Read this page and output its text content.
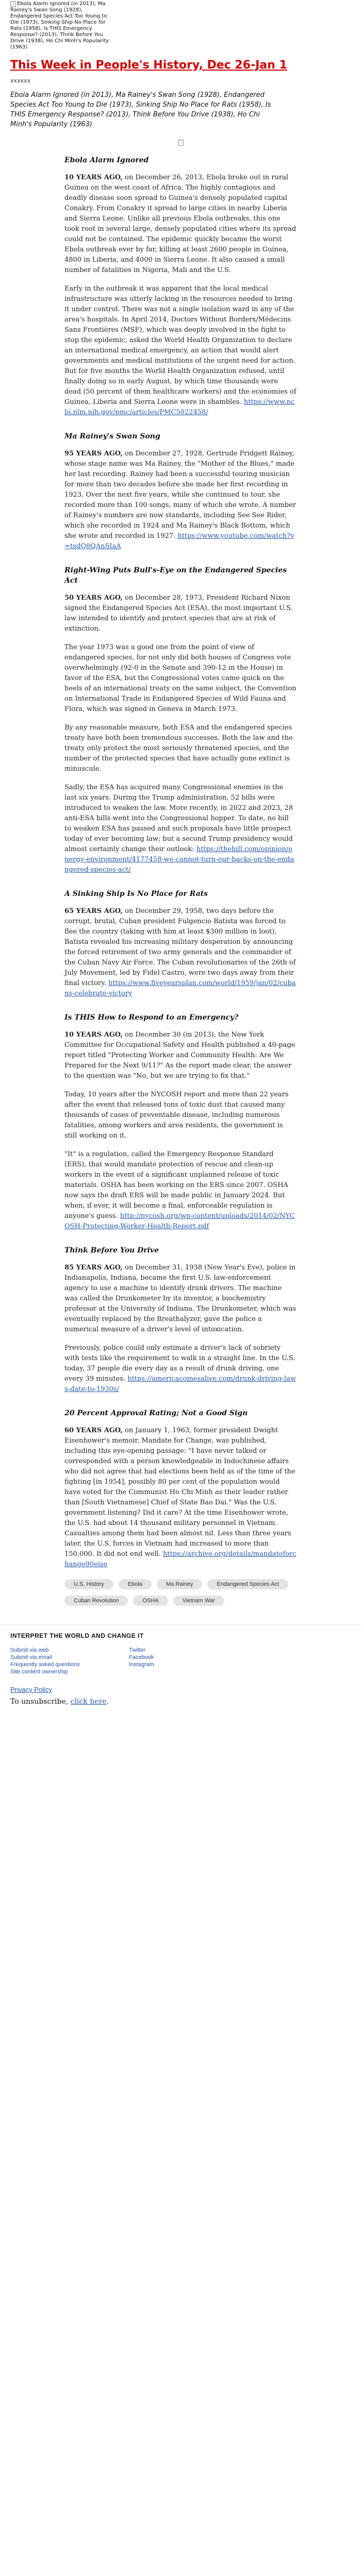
Ebola Alarm Ignored (in 2013), Ma Rainey's Swan Song (1928), Endangered Species Act Too Young to Die (1973), Sinking Ship No Place for Rats (1958), Is THIS Emergency Response? (2013), Think Before You Drive (1938), Ho Chi Minh's Popularity (1963)
This Week in People's History, Dec 26-Jan 1
xxxxxx
Ebola Alarm Ignored (in 2013), Ma Rainey's Swan Song (1928), Endangered Species Act Too Young to Die (1973), Sinking Ship No Place for Rats (1958), Is THIS Emergency Response? (2013), Think Before You Drive (1938), Ho Chi Minh's Popularity (1963)
Ebola Alarm Ignored

10 YEARS AGO, on December 26, 2013, Ebola broke out in rural Guinea on the west coast of Africa. The highly contagious and deadly disease soon spread to Guinea's densely populated capital Conakry. From Conakry it spread to large cities in nearby Liberia and Sierra Leone. Unlike all previous Ebola outbreaks, this one took root in several large, densely populated cities where its spread could not be contained. The epidemic quickly became the worst Ebola outbreak ever by far, killing at least 2600 people in Guinea, 4800 in Liberia, and 4000 in Sierra Leone. It also caused a small number of fatalities in Nigeria, Mali and the U.S.

Early in the outbreak it was apparent that the local medical infrastructure was utterly lacking in the resources needed to bring it under control. There was not a single isolation ward in any of the area's hospitals. In April 2014, Doctors Without Borders/Médecins Sans Frontières (MSF), which was deeply involved in the fight to stop the epidemic, asked the World Health Organization to declare an international medical emergency, an action that would alert governments and medical institutions of the urgent need for action. But for five months the World Health Organization refused, until finally doing so in early August, by which time thousands were dead (50 percent of them healthcare workers) and the economies of Guinea, Liberia and Sierra Leone were in shambles. https://www.ncbi.nlm.nih.gov/pmc/articles/PMC5022458/

Ma Rainey's Swan Song

95 YEARS AGO, on December 27, 1928, Gertrude Pridgett Rainey, whose stage name was Ma Rainey, the "Mother of the Blues," made her last recording. Rainey had been a successful touring musician for more than two decades before she made her first recording in 1923. Over the next five years, while she continued to tour, she recorded more than 100 songs, many of which she wrote. A number of Rainey's numbers are now standards, including See See Rider, which she recorded in 1924 and Ma Rainey's Black Bottom, which she wrote and recorded in 1927. https://www.youtube.com/watch?v=tsdQ8QAnSIaA

Right-Wing Puts Bull's-Eye on the Endangered Species Act

50 YEARS AGO, on December 28, 1973, President Richard Nixon signed the Endangered Species Act (ESA), the most important U.S. law intended to identify and protect species that are at risk of extinction.

The year 1973 was a good one from the point of view of endangered species, for not only did both houses of Congress vote overwhelmingly (92-0 in the Senate and 390-12 in the House) in favor of the ESA, but the Congressional votes came quick on the heels of an international treaty on the same subject, the Convention on International Trade in Endangered Species of Wild Fauna and Flora, which was signed in Geneva in March 1973.

By any reasonable measure, both ESA and the endangered species treaty have both been tremendous successes. Both the law and the treaty only protect the most seriously threatened species, and the number of the protected species that have actually gone extinct is minuscule.

Sadly, the ESA has acquired many Congressional enemies in the last six years. During the Trump administration, 52 bills were introduced to weaken the law. More recently, in 2022 and 2023, 28 anti-ESA bills went into the Congressional hopper. To date, no bill to weaken ESA has passed and such proposals have little prospect today of ever becoming law; but a second Trump presidency would almost certainly change their outlook: https://thehill.com/opinion/energy-environment/4177458-we-cannot-turn-our-backs-on-the-endangered-species-act/

A Sinking Ship Is No Place for Rats

65 YEARS AGO, on December 29, 1958, two days before the corrupt, brutal, Cuban president Fulgencio Batista was forced to flee the country (taking with him at least $300 million in loot), Batista revealed his increasing military desperation by announcing the forced retirement of two army generals and the commander of the Cuban Navy Air Force. The Cuban revolutionaries of the 26th of July Movement, led by Fidel Castro, were two days away from their final victory. https://www.fiveyearsplan.com/world/1959/jan/02/cubans-celebrate-victory

Is THIS How to Respond to an Emergency?

10 YEARS AGO, on December 30 (in 2013), the New York Committee for Occupational Safety and Health published a 40-page report titled "Protecting Worker and Community Health: Are We Prepared for the Next 9/11?" As the report made clear, the answer to the question was "No, but we are trying to fix that."

Today, 10 years after the NYCOSH report and more than 22 years after the event that released tons of toxic dust that caused many thousands of cases of preventable disease, including numerous fatalities, among workers and area residents, the government is still working on it.

"It" is a regulation, called the Emergency Response Standard (ERS), that would mandate protection of rescue and clean-up workers in the event of a significant unplanned release of toxic materials. OSHA has been working on the ERS since 2007. OSHA now says the draft ERS will be made public in January 2024. But when, if ever, it will become a final, enforceable regulation is anyone's guess. http://nycosh.org/wp-content/uploads/2014/02/NYCOSH-Protecting-Worker-Health-Report.pdf

Think Before You Drive

85 YEARS AGO, on December 31, 1938 (New Year's Eve), police in Indianapolis, Indiana, became the first U.S. law-enforcement agency to use a machine to identify drunk drivers. The machine was called the Drunkometer by its inventor, a biochemistry professor at the University of Indiana. The Drunkometer, which was eventually replaced by the Breathalyzer, gave the police a numerical measure of a driver's level of intoxication.

Previously, police could only estimate a driver's lack of sobriety with tests like the requirement to walk in a straight line. In the U.S. today, 37 people die every day as a result of drunk driving, one every 39 minutes. https://americacomesalive.com/drunk-driving-laws-date-to-1930s/

20 Percent Approval Rating; Not a Good Sign

60 YEARS AGO, on January 1, 1963, former president Dwight Eisenhower's memoir, Mandate for Change, was published, including this eye-opening passage: "I have never talked or corresponded with a person knowledgeable in Indochinese affairs who did not agree that had elections been held as of the time of the fighting [in 1954], possibly 80 per cent of the population would have voted for the Communist Ho Chi Minh as their leader rather than [South Vietnamese] Chief of State Bao Dai." Was the U.S. government listening? Did it care? At the time Eisenhower wrote, the U.S. had about 14 thousand military personnel in Vietnam. Casualties among them had been almost nil. Less than three years later, the U.S. forces in Vietnam had increased to more than 150,000. It did not end well. https://archive.org/details/mandateforchange00eise

U.S. History	Ebola	Ma Rainey	Endangered Species ActCuban Revolution	OSHA	Vietnam War
INTERPRET THE WORLD AND CHANGE IT
Submit via web
Submit via email
Frequently asked questions
Site content ownership
Twitter
Facebook
Instagram
Privacy Policy
To unsubscribe, click here.
